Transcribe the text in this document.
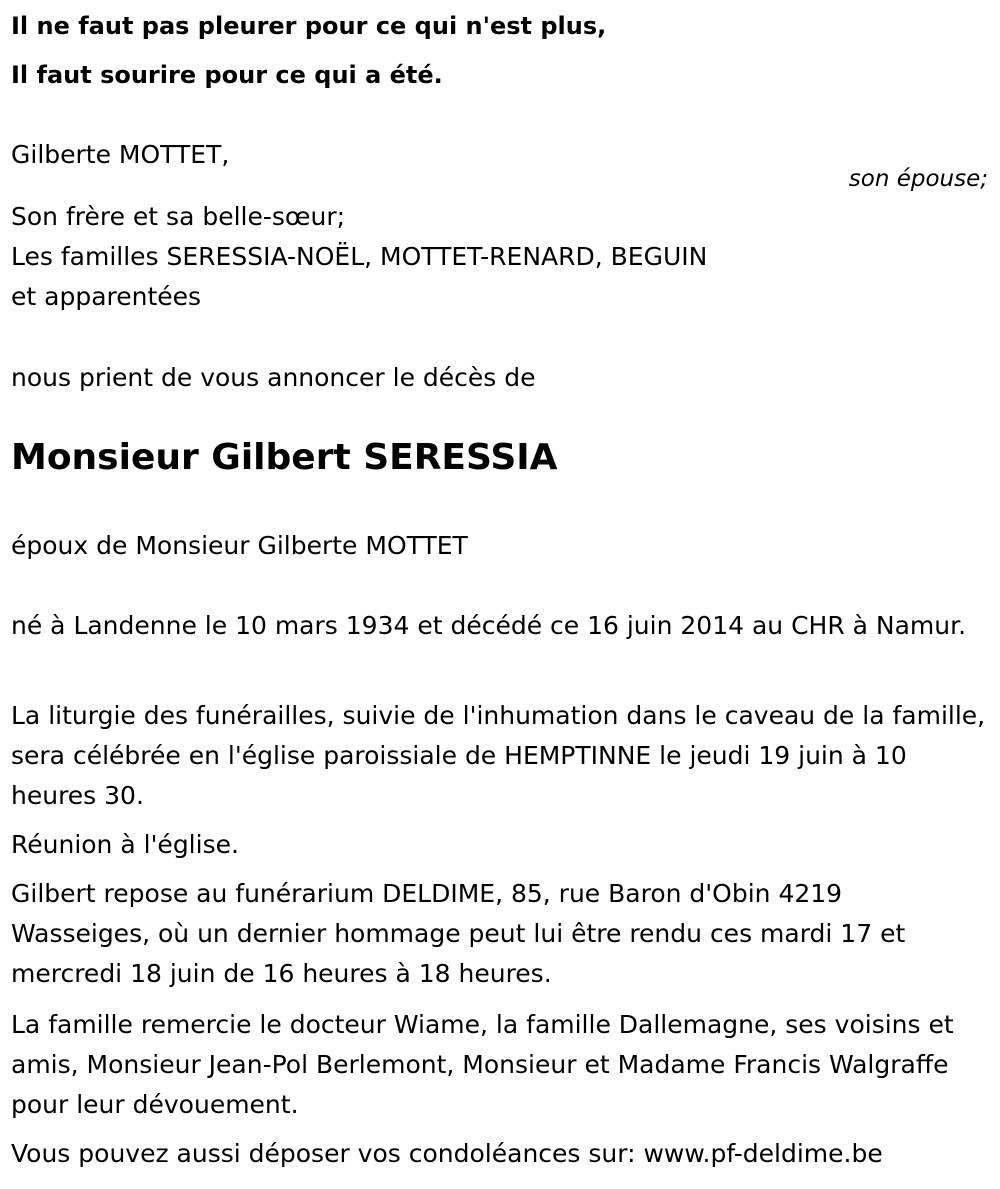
Il ne faut pas pleurer pour ce qui n'est plus,
Il faut sourire pour ce qui a été.
Gilberte MOTTET,
son épouse;
Son frère et sa belle-sœur;
Les familles SERESSIA-NOËL, MOTTET-RENARD, BEGUIN
et apparentées
nous prient de vous annoncer le décès de
Monsieur Gilbert SERESSIA
époux de Monsieur Gilberte MOTTET
né à Landenne le 10 mars 1934 et décédé ce 16 juin 2014 au CHR à Namur.
La liturgie des funérailles, suivie de l'inhumation dans le caveau de la famille, sera célébrée en l'église paroissiale de HEMPTINNE le jeudi 19 juin à 10 heures 30.
Réunion à l'église.
Gilbert repose au funérarium DELDIME, 85, rue Baron d'Obin 4219 Wasseiges, où un dernier hommage peut lui être rendu ces mardi 17 et mercredi 18 juin de 16 heures à 18 heures.
La famille remercie le docteur Wiame, la famille Dallemagne, ses voisins et amis, Monsieur Jean-Pol Berlemont, Monsieur et Madame Francis Walgraffe pour leur dévouement.
Vous pouvez aussi déposer vos condoléances sur: www.pf-deldime.be
